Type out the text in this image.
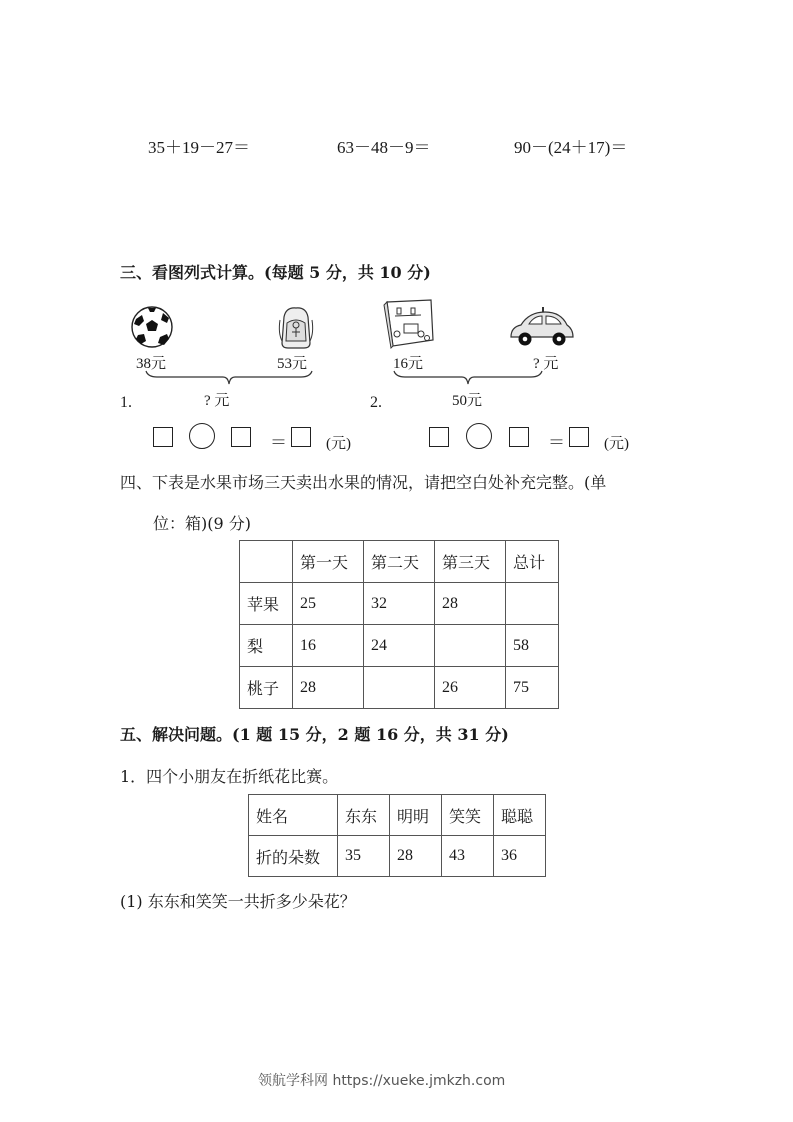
35＋19－27＝	63－48－9＝	90－(24＋17)＝
三、看图列式计算。(每题 5 分，共 10 分)
38元	53元
? 元
1.
＝	(元)
16元	? 元
50元
2.
＝	(元)
四、下表是水果市场三天卖出水果的情况，请把空白处补充完整。(单
位：箱)(9 分)
	第一天	第二天	第三天	总计
苹果	25	32	28	
梨	16	24		58
桃子	28		26	75
五、解决问题。(1 题 15 分，2 题 16 分，共 31 分)
1．四个小朋友在折纸花比赛。
姓名	东东	明明	笑笑	聪聪
折的朵数	35	28	43	36
(1) 东东和笑笑一共折多少朵花？
领航学科网 https://xueke.jmkzh.com
